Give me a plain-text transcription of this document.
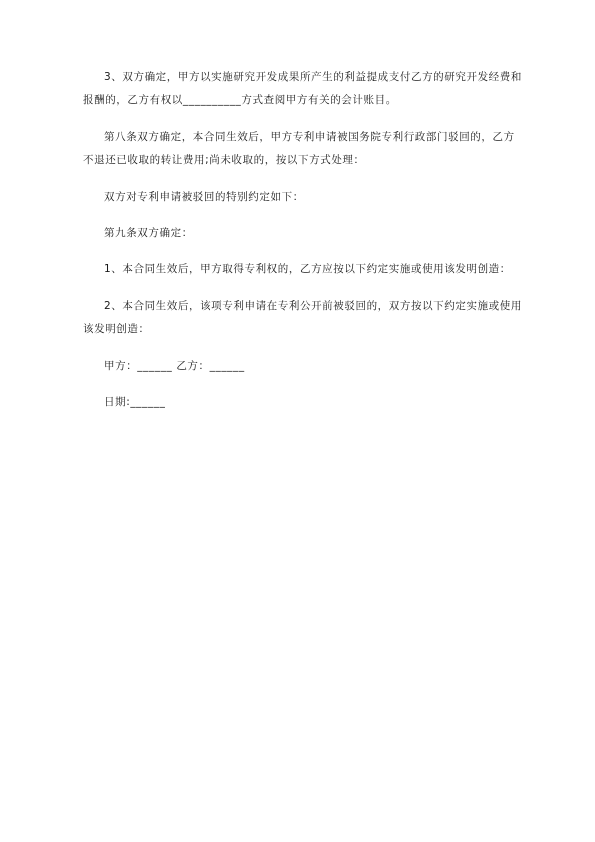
3、双方确定，甲方以实施研究开发成果所产生的利益提成支付乙方的研究开发经费和报酬的，乙方有权以__________方式查阅甲方有关的会计账目。

第八条双方确定，本合同生效后，甲方专利申请被国务院专利行政部门驳回的，乙方不退还已收取的转让费用;尚未收取的，按以下方式处理：

双方对专利申请被驳回的特别约定如下：

第九条双方确定：

1、本合同生效后，甲方取得专利权的，乙方应按以下约定实施或使用该发明创造：

2、本合同生效后，该项专利申请在专利公开前被驳回的，双方按以下约定实施或使用该发明创造：

甲方：______ 乙方：______

日期:______
